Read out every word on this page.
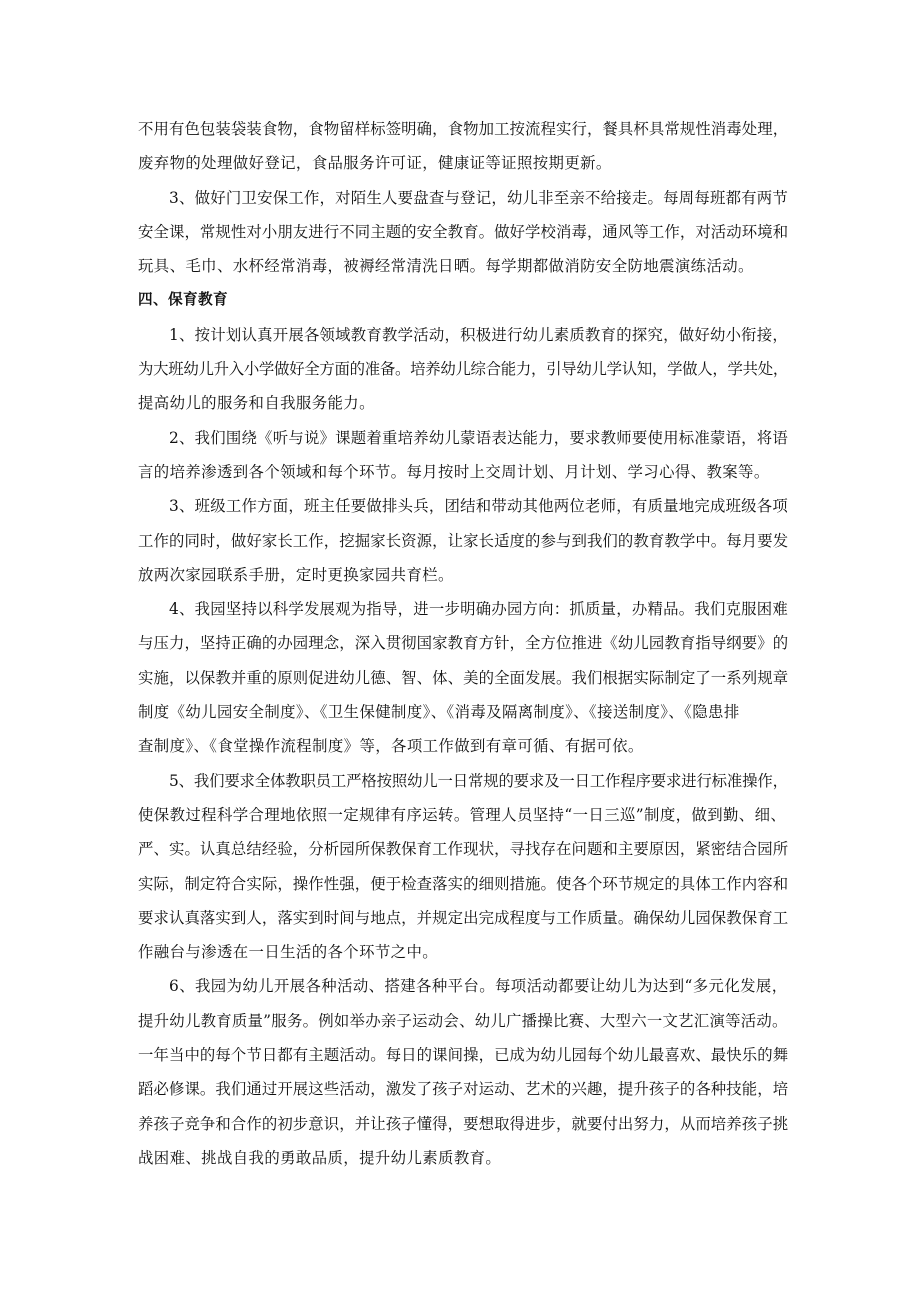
不用有色包装袋装食物，食物留样标签明确，食物加工按流程实行，餐具杯具常规性消毒处理，
废弃物的处理做好登记，食品服务许可证，健康证等证照按期更新。

3、做好门卫安保工作，对陌生人要盘查与登记，幼儿非至亲不给接走。每周每班都有两节
安全课，常规性对小朋友进行不同主题的安全教育。做好学校消毒，通风等工作，对活动环境和
玩具、毛巾、水杯经常消毒，被褥经常清洗日晒。每学期都做消防安全防地震演练活动。

四、保育教育

1、按计划认真开展各领域教育教学活动，积极进行幼儿素质教育的探究，做好幼小衔接，
为大班幼儿升入小学做好全方面的准备。培养幼儿综合能力，引导幼儿学认知，学做人，学共处，
提高幼儿的服务和自我服务能力。

2、我们围绕《听与说》课题着重培养幼儿蒙语表达能力，要求教师要使用标准蒙语，将语
言的培养渗透到各个领域和每个环节。每月按时上交周计划、月计划、学习心得、教案等。

3、班级工作方面，班主任要做排头兵，团结和带动其他两位老师，有质量地完成班级各项
工作的同时，做好家长工作，挖掘家长资源，让家长适度的参与到我们的教育教学中。每月要发
放两次家园联系手册，定时更换家园共育栏。

4、我园坚持以科学发展观为指导，进一步明确办园方向：抓质量，办精品。我们克服困难
与压力，坚持正确的办园理念，深入贯彻国家教育方针，全方位推进《幼儿园教育指导纲要》的
实施，以保教并重的原则促进幼儿德、智、体、美的全面发展。我们根据实际制定了一系列规章
制度《幼儿园安全制度》、《卫生保健制度》、《消毒及隔离制度》、《接送制度》、《隐患排
查制度》、《食堂操作流程制度》等，各项工作做到有章可循、有据可依。

5、我们要求全体教职员工严格按照幼儿一日常规的要求及一日工作程序要求进行标准操作，
使保教过程科学合理地依照一定规律有序运转。管理人员坚持“一日三巡”制度，做到勤、细、
严、实。认真总结经验，分析园所保教保育工作现状，寻找存在问题和主要原因，紧密结合园所
实际，制定符合实际，操作性强，便于检查落实的细则措施。使各个环节规定的具体工作内容和
要求认真落实到人，落实到时间与地点，并规定出完成程度与工作质量。确保幼儿园保教保育工
作融台与渗透在一日生活的各个环节之中。

6、我园为幼儿开展各种活动、搭建各种平台。每项活动都要让幼儿为达到“多元化发展，
提升幼儿教育质量”服务。例如举办亲子运动会、幼儿广播操比赛、大型六一文艺汇演等活动。
一年当中的每个节日都有主题活动。每日的课间操，已成为幼儿园每个幼儿最喜欢、最快乐的舞
蹈必修课。我们通过开展这些活动，激发了孩子对运动、艺术的兴趣，提升孩子的各种技能，培
养孩子竞争和合作的初步意识，并让孩子懂得，要想取得进步，就要付出努力，从而培养孩子挑
战困难、挑战自我的勇敢品质，提升幼儿素质教育。
